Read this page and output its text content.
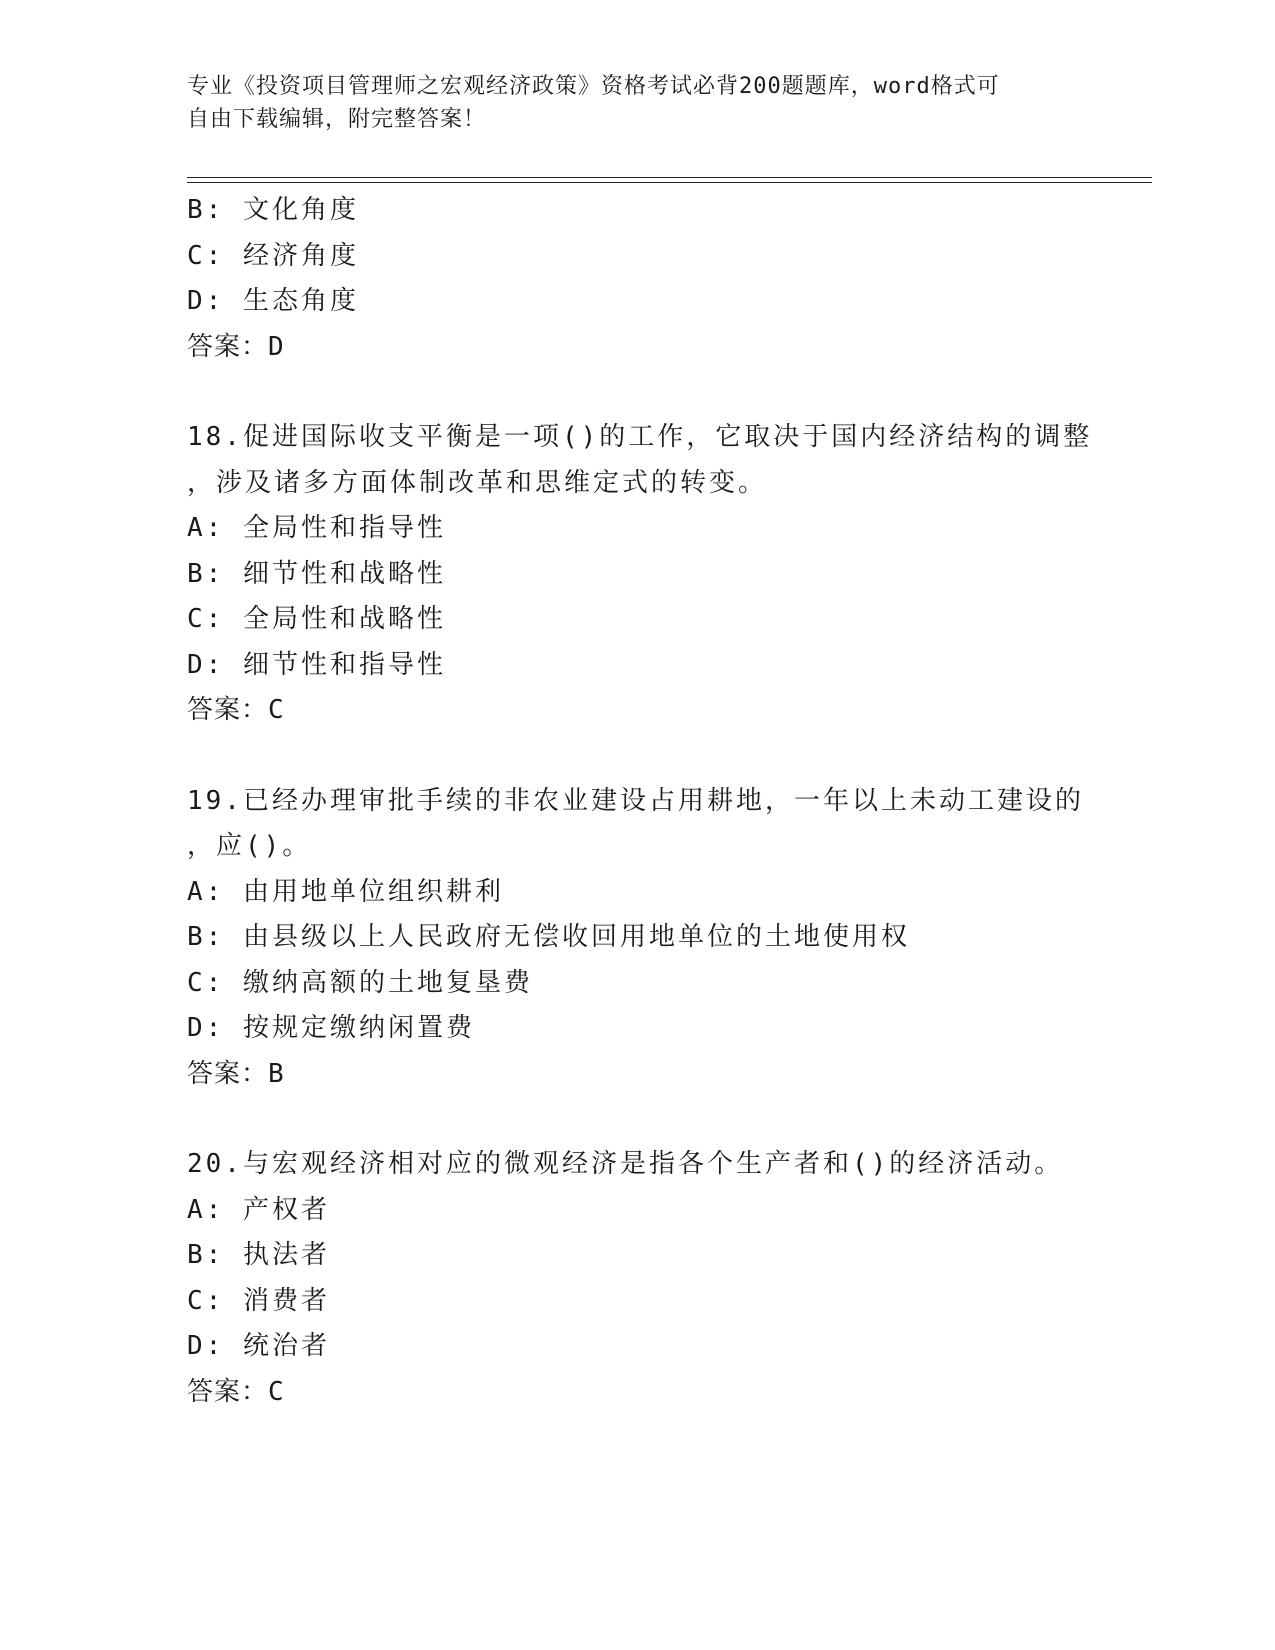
专业《投资项目管理师之宏观经济政策》资格考试必背200题题库，word格式可
自由下载编辑，附完整答案！
B: 文化角度
C: 经济角度
D: 生态角度
答案：D
18.促进国际收支平衡是一项()的工作，它取决于国内经济结构的调整
，涉及诸多方面体制改革和思维定式的转变。
A: 全局性和指导性
B: 细节性和战略性
C: 全局性和战略性
D: 细节性和指导性
答案：C
19.已经办理审批手续的非农业建设占用耕地，一年以上未动工建设的
，应()。
A: 由用地单位组织耕利
B: 由县级以上人民政府无偿收回用地单位的土地使用权
C: 缴纳高额的土地复垦费
D: 按规定缴纳闲置费
答案：B
20.与宏观经济相对应的微观经济是指各个生产者和()的经济活动。
A: 产权者
B: 执法者
C: 消费者
D: 统治者
答案：C
